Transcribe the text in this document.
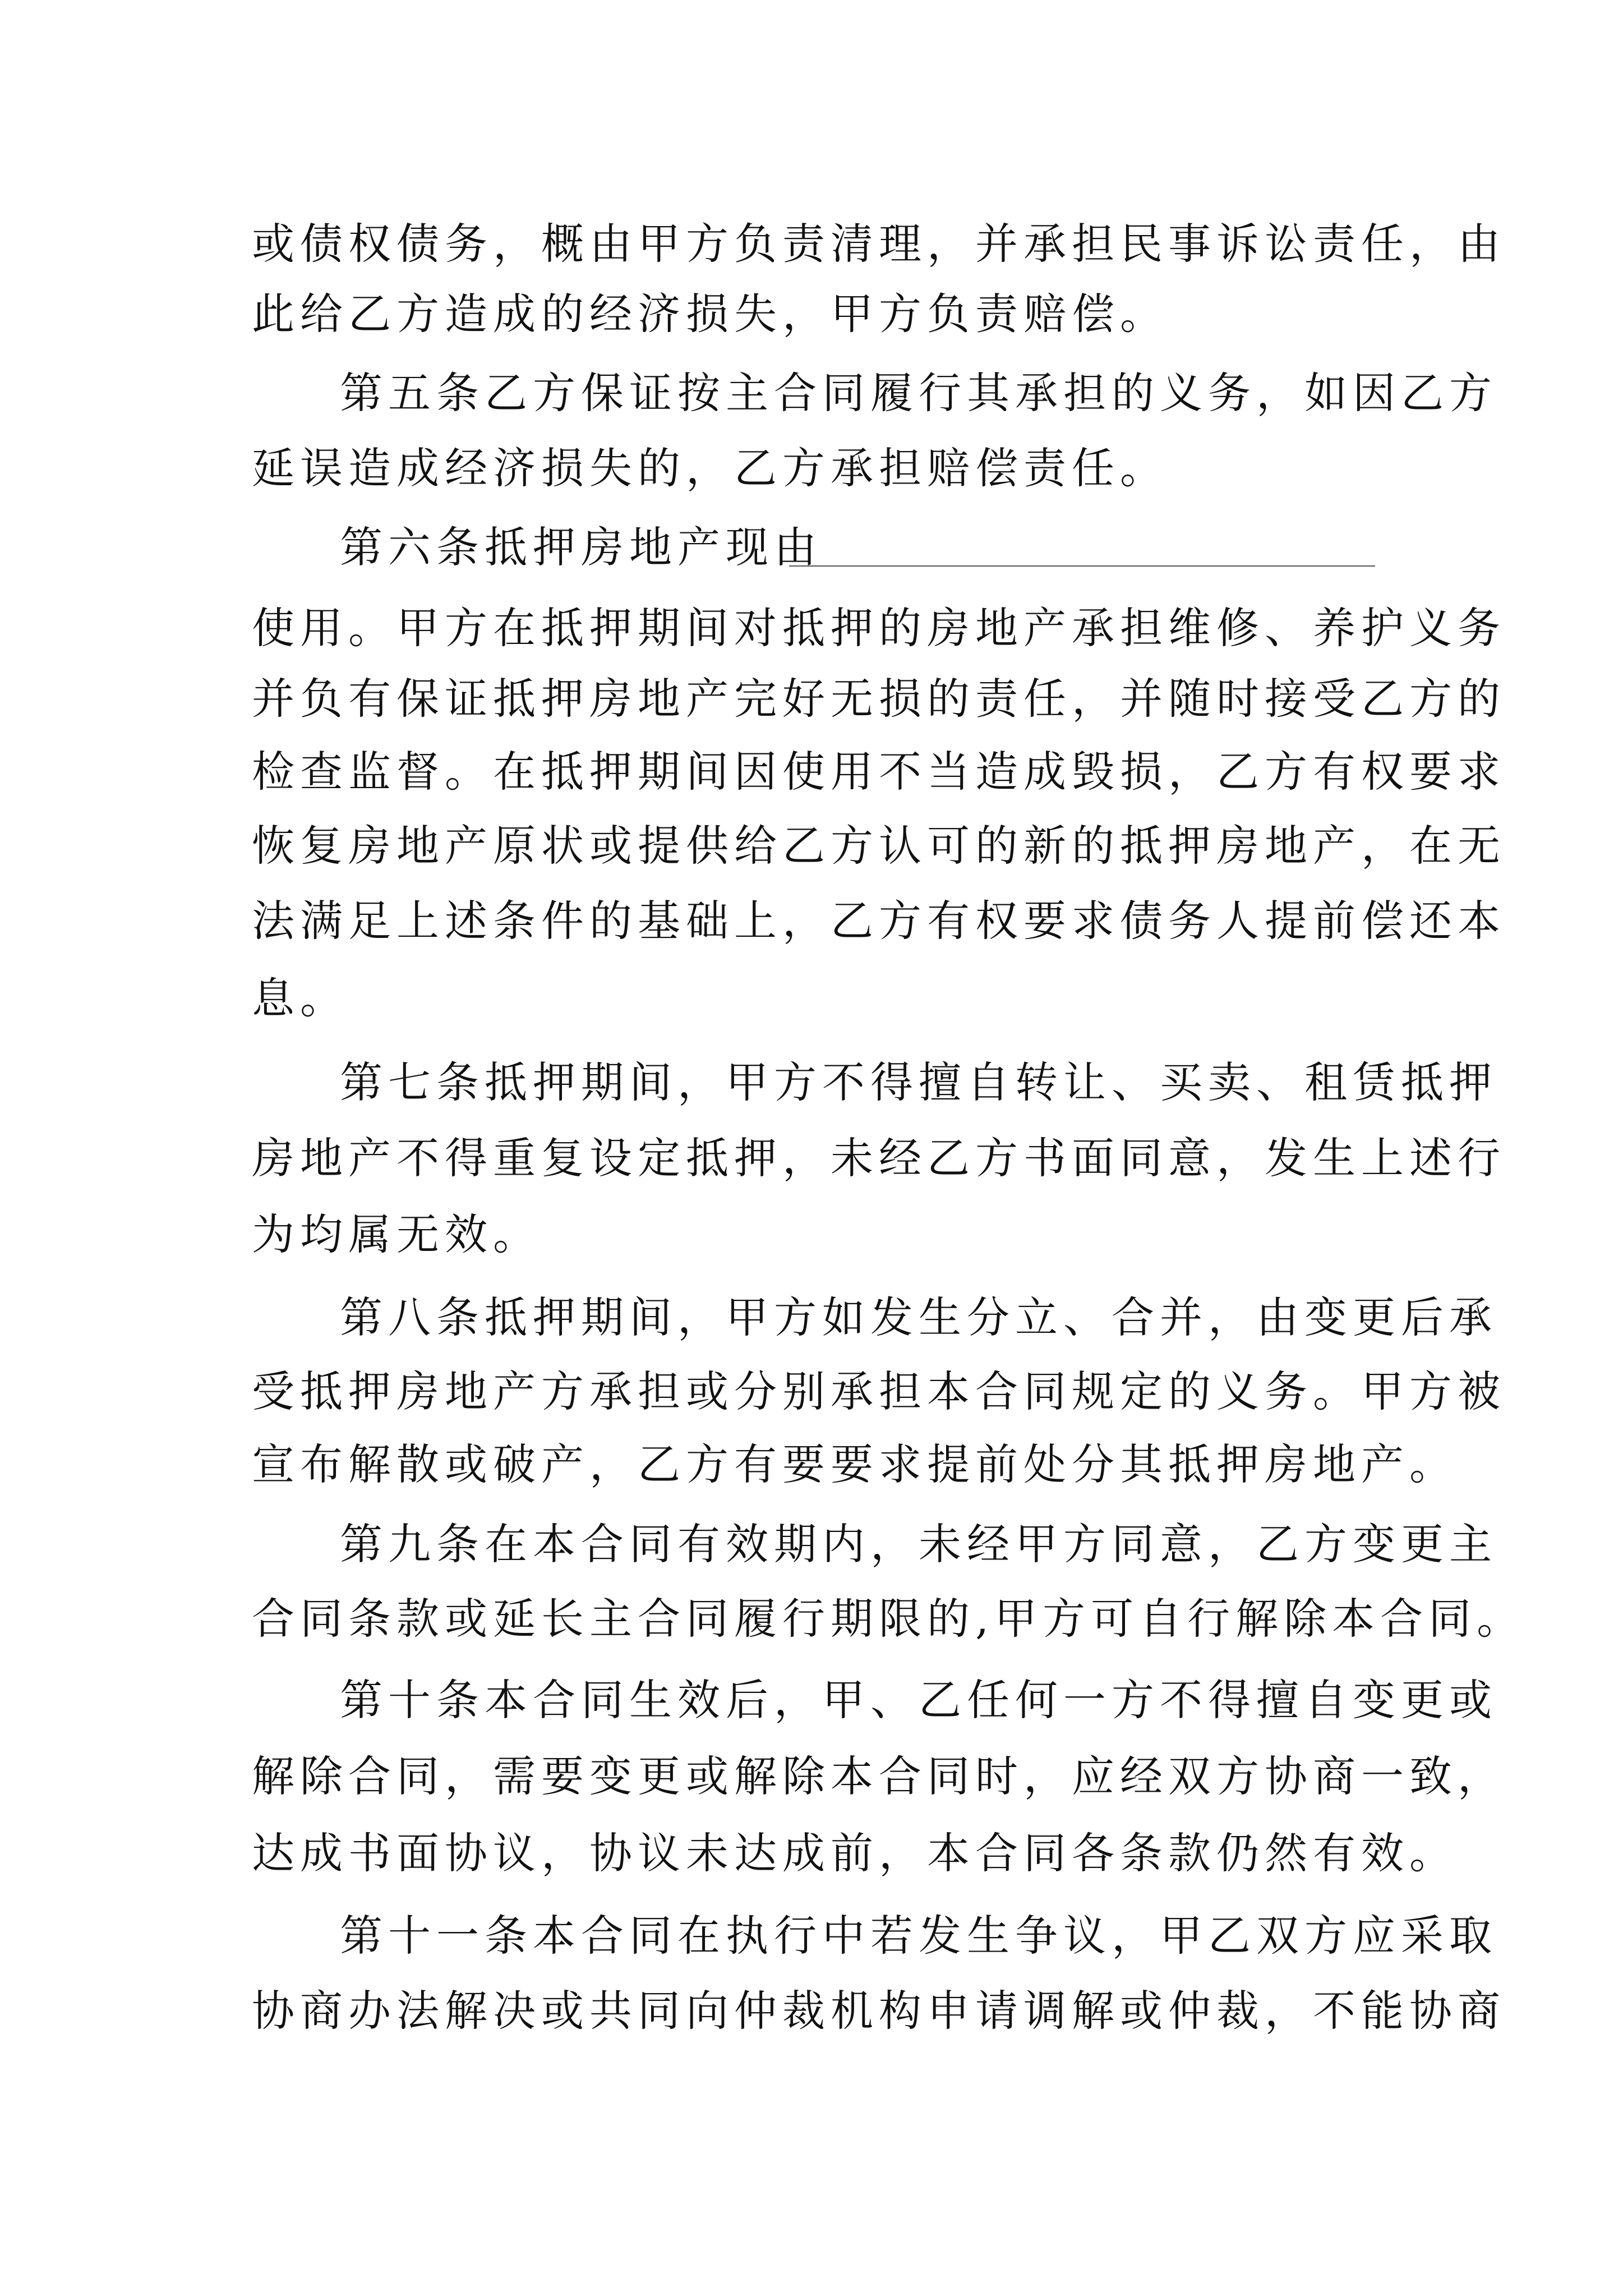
或债权债务，概由甲方负责清理，并承担民事诉讼责任，由

此给乙方造成的经济损失，甲方负责赔偿。

第五条乙方保证按主合同履行其承担的义务，如因乙方

延误造成经济损失的，乙方承担赔偿责任。

第六条抵押房地产现由

使用。甲方在抵押期间对抵押的房地产承担维修、养护义务

并负有保证抵押房地产完好无损的责任，并随时接受乙方的

检查监督。在抵押期间因使用不当造成毁损，乙方有权要求

恢复房地产原状或提供给乙方认可的新的抵押房地产，在无

法满足上述条件的基础上，乙方有权要求债务人提前偿还本

息。

第七条抵押期间，甲方不得擅自转让、买卖、租赁抵押

房地产不得重复设定抵押，未经乙方书面同意，发生上述行

为均属无效。

第八条抵押期间，甲方如发生分立、合并，由变更后承

受抵押房地产方承担或分别承担本合同规定的义务。甲方被

宣布解散或破产，乙方有要要求提前处分其抵押房地产。

第九条在本合同有效期内，未经甲方同意，乙方变更主

合同条款或延长主合同履行期限的,甲方可自行解除本合同。

第十条本合同生效后，甲、乙任何一方不得擅自变更或

解除合同，需要变更或解除本合同时，应经双方协商一致，

达成书面协议，协议未达成前，本合同各条款仍然有效。

第十一条本合同在执行中若发生争议，甲乙双方应采取

协商办法解决或共同向仲裁机构申请调解或仲裁，不能协商
